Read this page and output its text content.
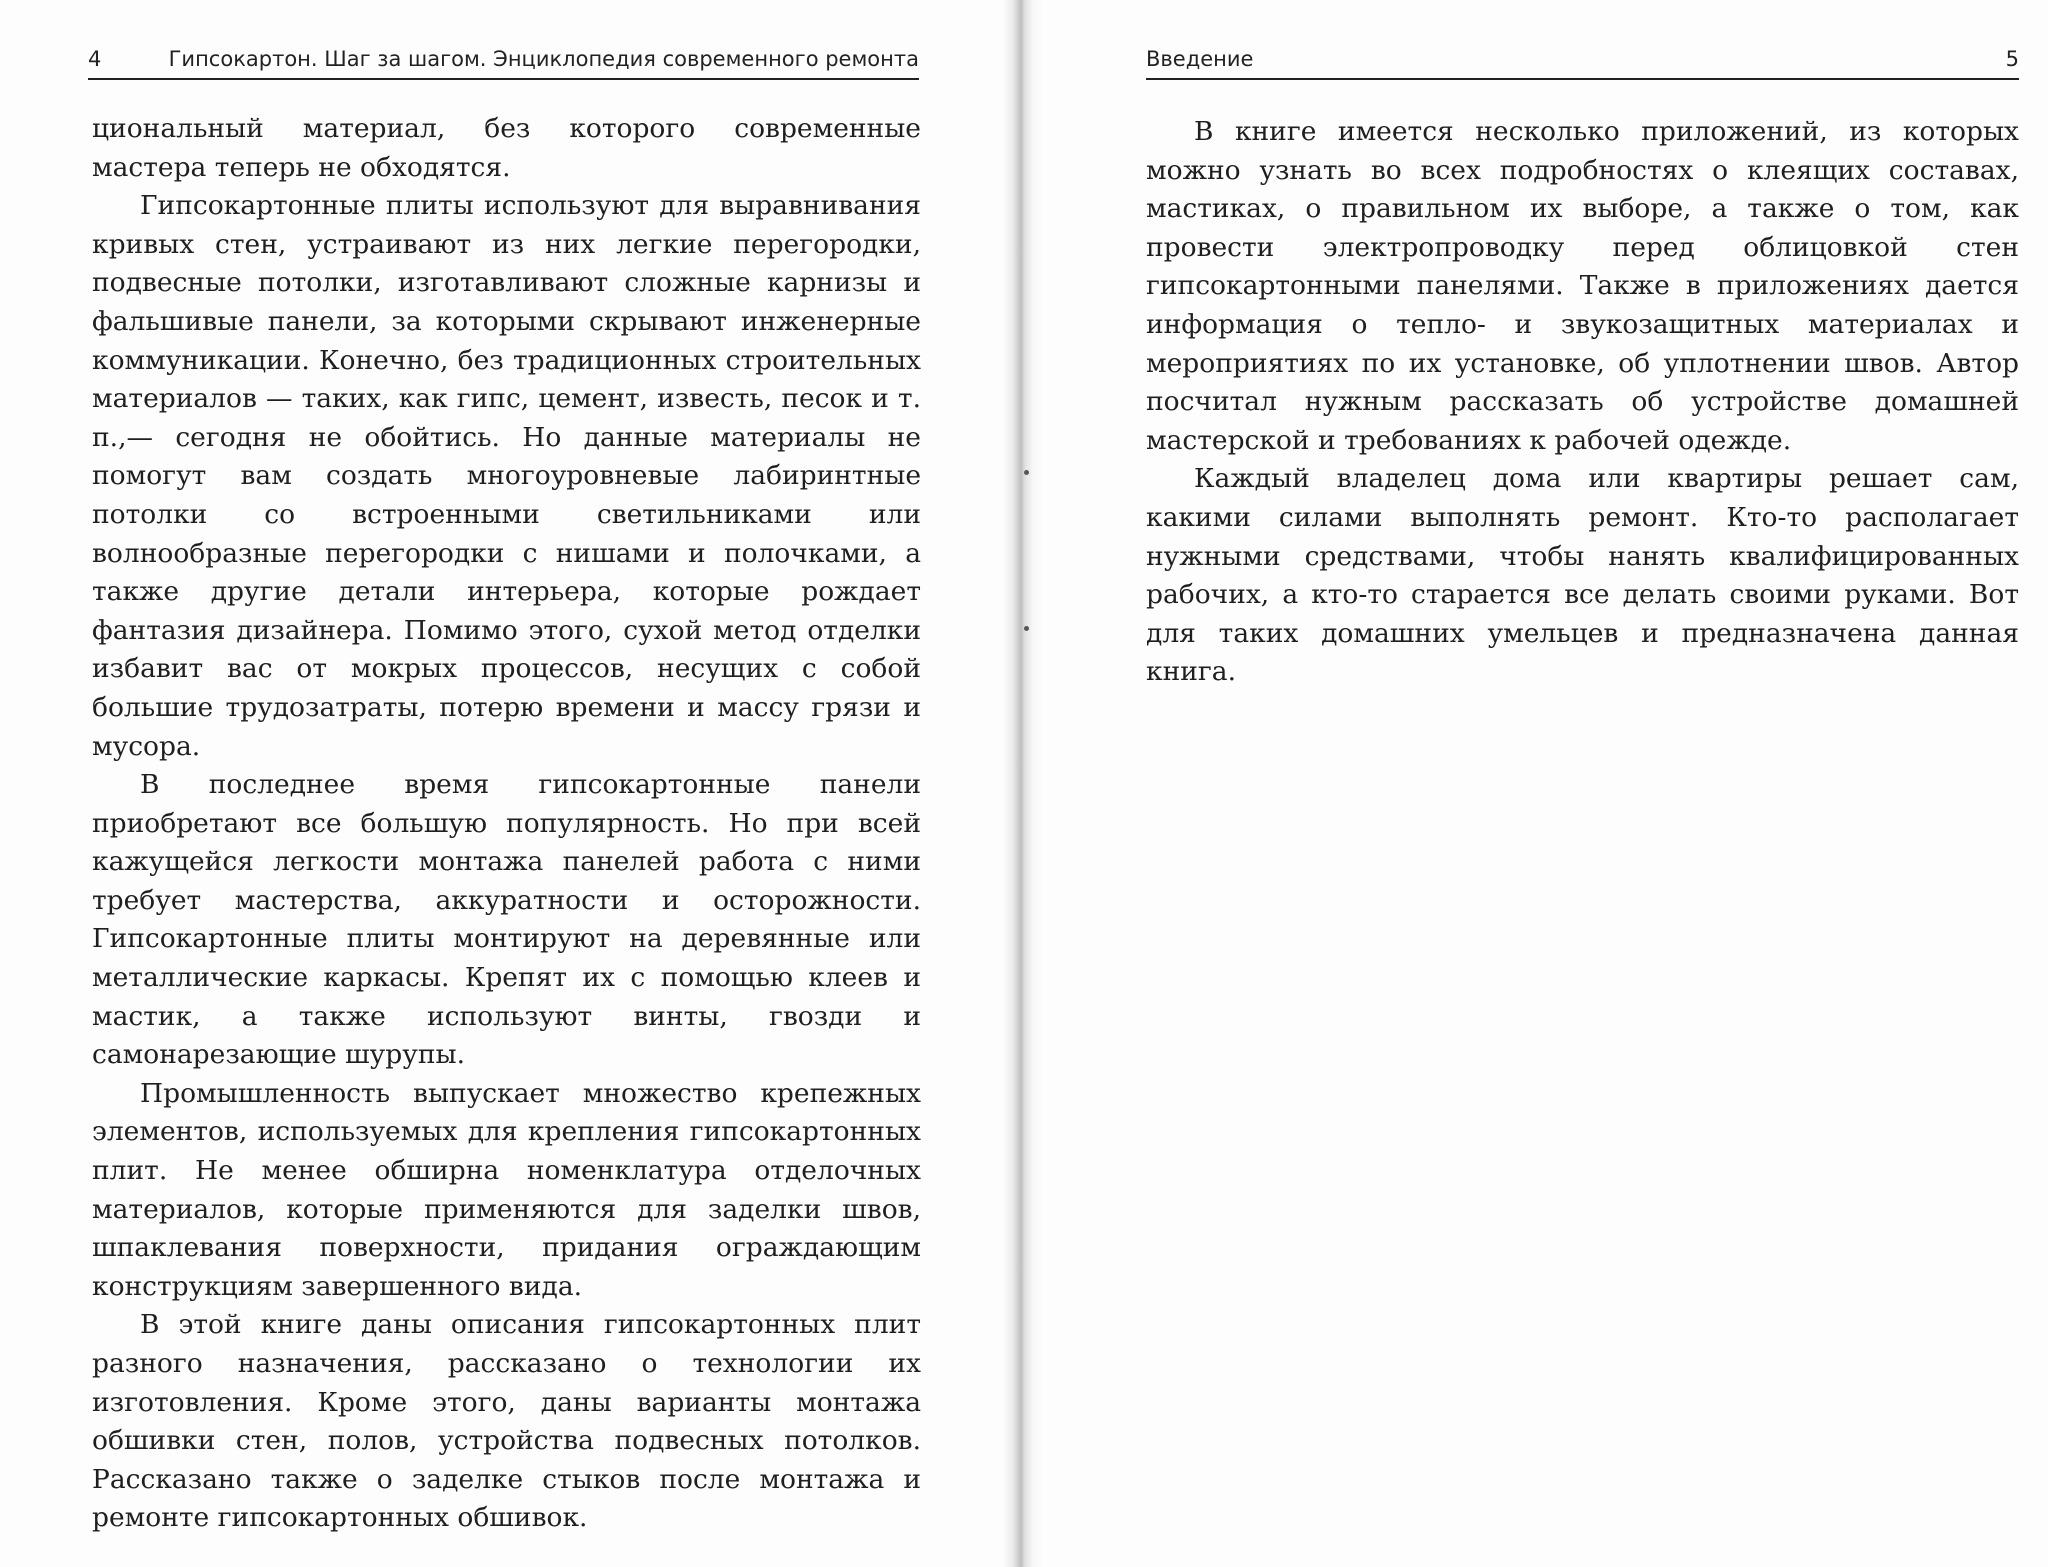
4	Гипсокартон. Шаг за шагом. Энциклопедия современного ремонта

циональный материал, без которого современные мастера теперь не обходятся.

Гипсокартонные плиты используют для выравнивания кривых стен, устраивают из них легкие перегородки, подвесные потолки, изготавливают сложные карнизы и фальшивые панели, за которыми скрывают инженерные коммуникации. Конечно, без традиционных строительных материалов — таких, как гипс, цемент, известь, песок и т. п.,— сегодня не обойтись. Но данные материалы не помогут вам создать многоуровневые лабиринтные потолки со встроенными светильниками или волнообразные перегородки с нишами и полочками, а также другие детали интерьера, которые рождает фантазия дизайнера. Помимо этого, сухой метод отделки избавит вас от мокрых процессов, несущих с собой большие трудозатраты, потерю времени и массу грязи и мусора.

В последнее время гипсокартонные панели приобретают все большую популярность. Но при всей кажущейся легкости монтажа панелей работа с ними требует мастерства, аккуратности и осторожности. Гипсокартонные плиты монтируют на деревянные или металлические каркасы. Крепят их с помощью клеев и мастик, а также используют винты, гвозди и самонарезающие шурупы.

Промышленность выпускает множество крепежных элементов, используемых для крепления гипсокартонных плит. Не менее обширна номенклатура отделочных материалов, которые применяются для заделки швов, шпаклевания поверхности, придания ограждающим конструкциям завершенного вида.

В этой книге даны описания гипсокартонных плит разного назначения, рассказано о технологии их изготовления. Кроме этого, даны варианты монтажа обшивки стен, полов, устройства подвесных потолков. Рассказано также о заделке стыков после монтажа и ремонте гипсокартонных обшивок.

Введение	5

В книге имеется несколько приложений, из которых можно узнать во всех подробностях о клеящих составах, мастиках, о правильном их выборе, а также о том, как провести электропроводку перед облицовкой стен гипсокартонными панелями. Также в приложениях дается информация о тепло- и звукозащитных материалах и мероприятиях по их установке, об уплотнении швов. Автор посчитал нужным рассказать об устройстве домашней мастерской и требованиях к рабочей одежде.

Каждый владелец дома или квартиры решает сам, какими силами выполнять ремонт. Кто-то располагает нужными средствами, чтобы нанять квалифицированных рабочих, а кто-то старается все делать своими руками. Вот для таких домашних умельцев и предназначена данная книга.
